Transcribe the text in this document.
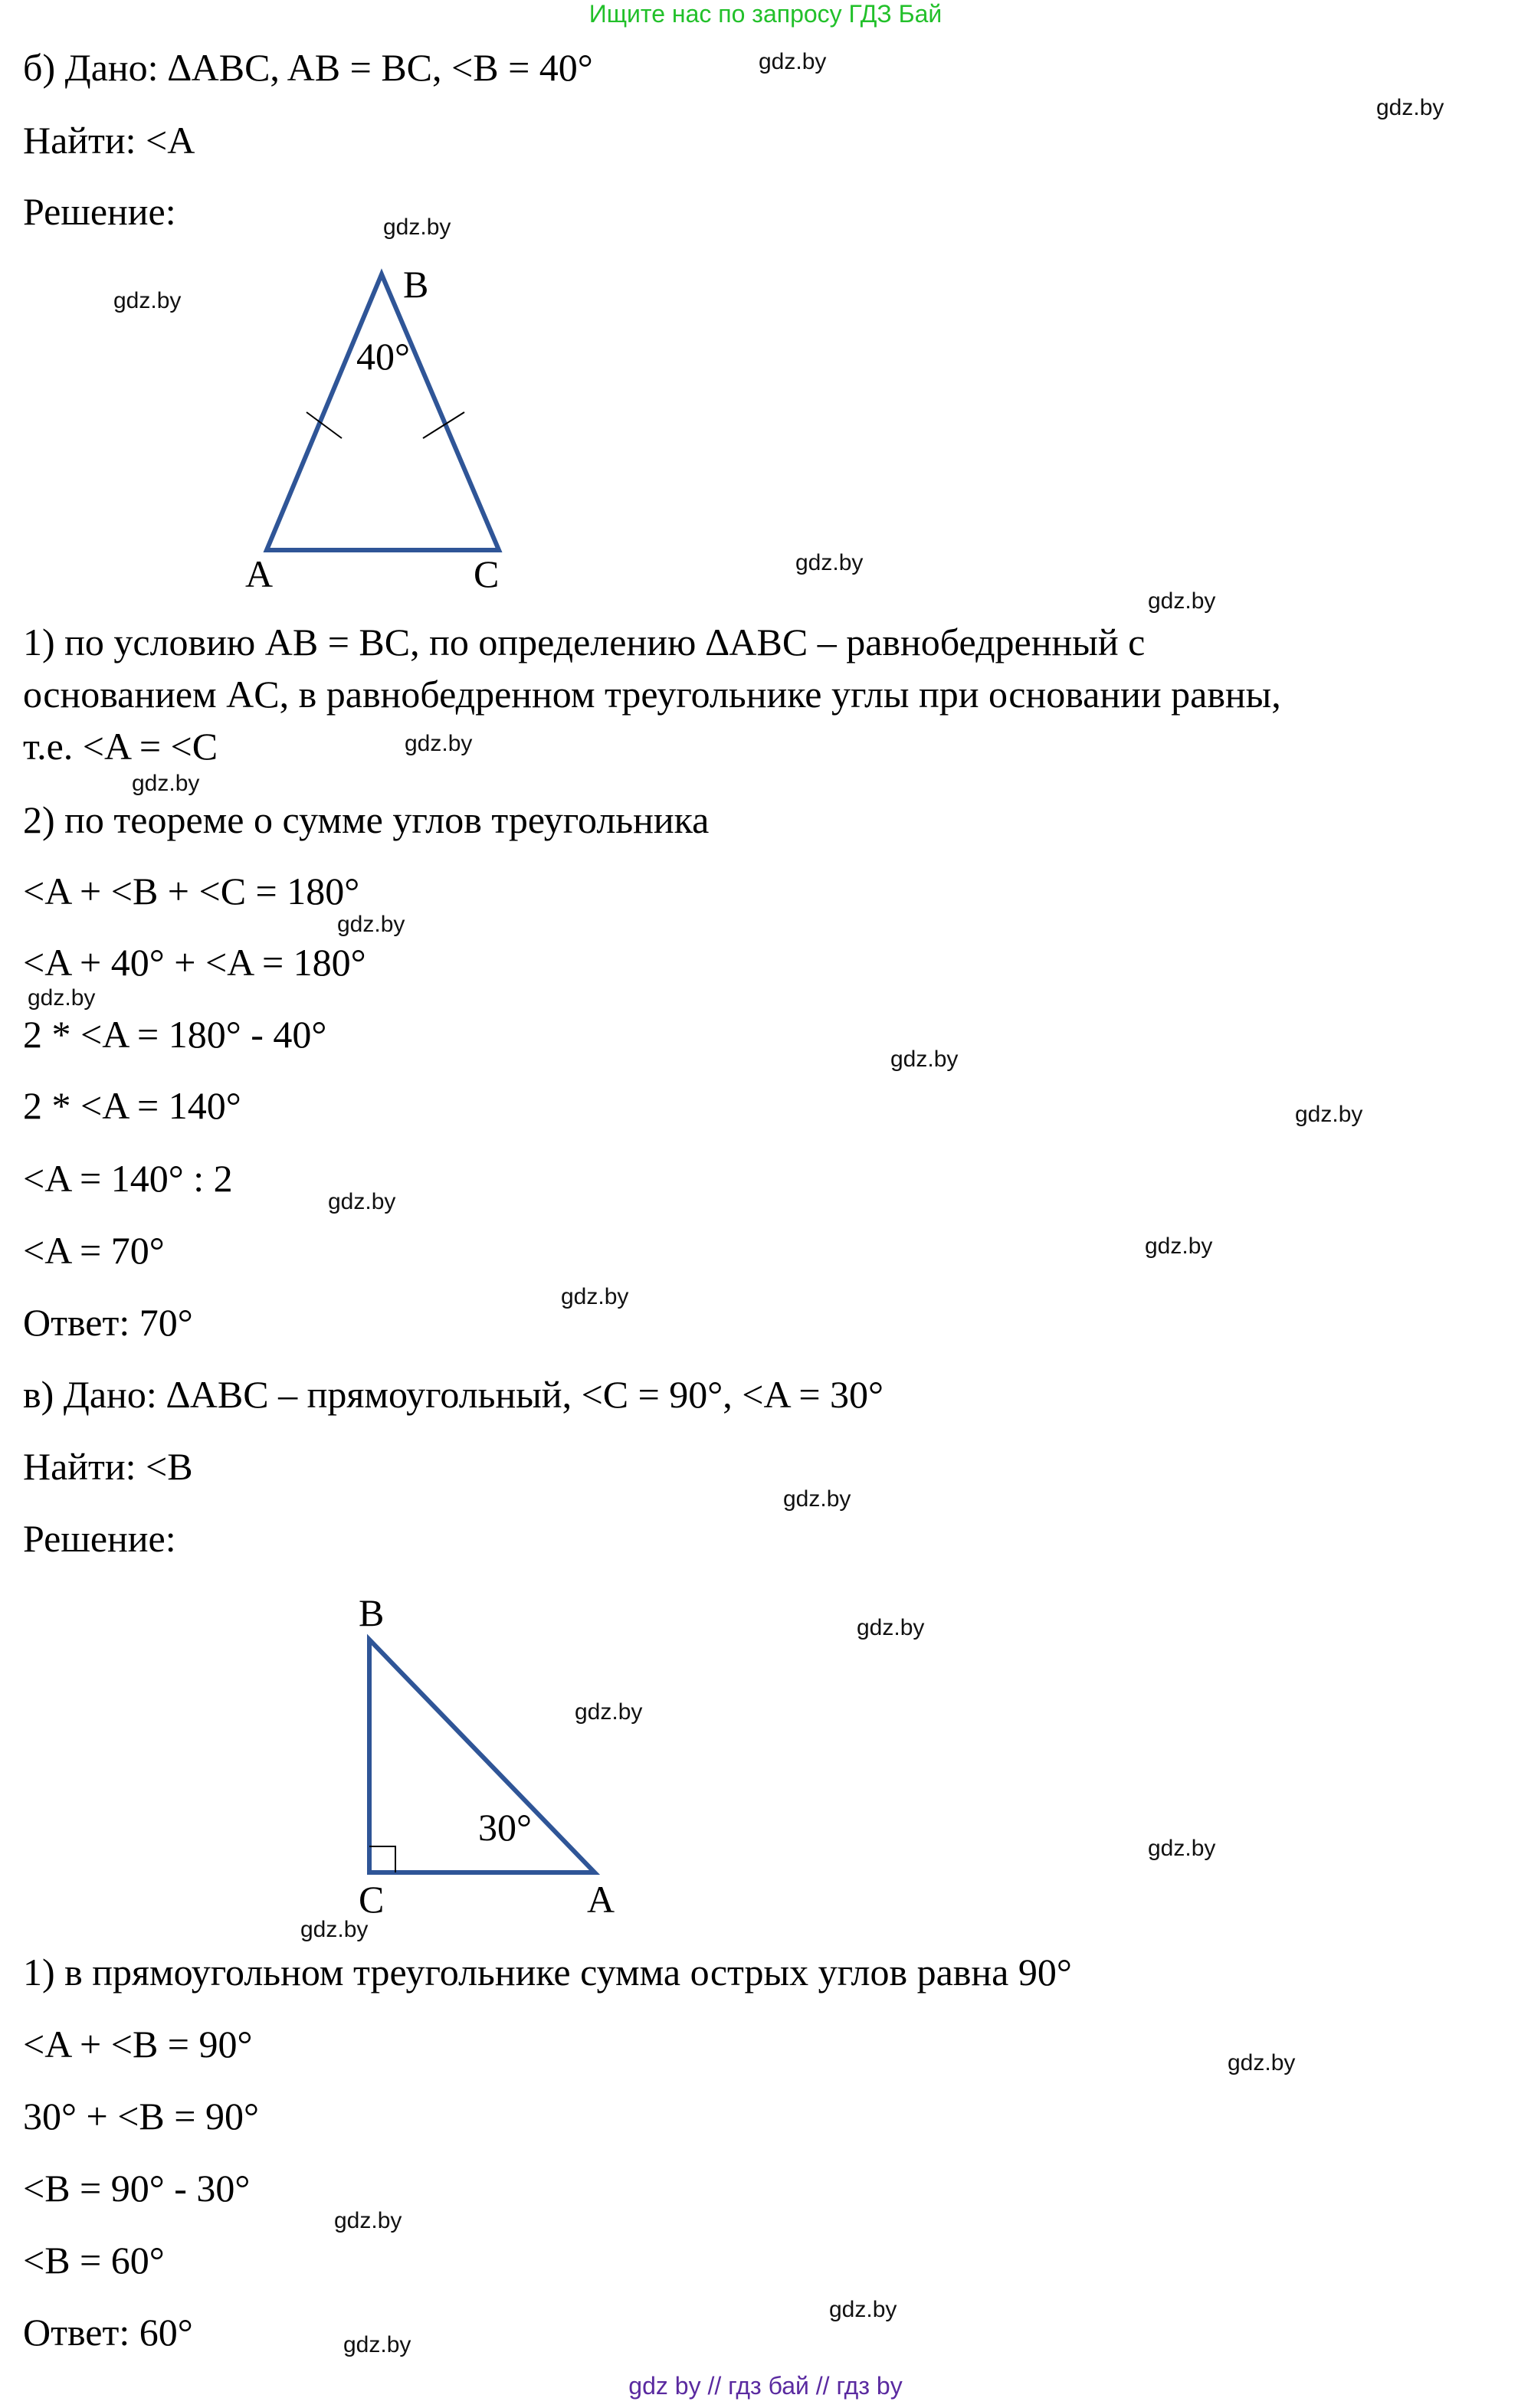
Ищите нас по запросу ГДЗ Бай
б) Дано: ∆ABC, AB = BC, <B = 40°
Найти: <A
Решение:
B
40°
A	C
1) по условию AB = BC, по определению ∆ABC – равнобедренный с
основанием AC, в равнобедренном треугольнике углы при основании равны,
т.е. <A = <C
2) по теореме о сумме углов треугольника
<A + <B + <C = 180°
<A + 40° + <A = 180°
2 * <A = 180° - 40°
2 * <A = 140°
<A = 140° : 2
<A = 70°
Ответ: 70°
в) Дано: ∆ABC – прямоугольный, <C = 90°, <A = 30°
Найти: <B
Решение:
B
30°
C	A
1) в прямоугольном треугольнике сумма острых углов равна 90°
<A + <B = 90°
30° + <B = 90°
<B = 90° - 30°
<B = 60°
Ответ: 60°
gdz.by
gdz.by
gdz.by
gdz.by
gdz.by
gdz.by
gdz.by
gdz.by
gdz.by
gdz.by
gdz.by
gdz.by
gdz.by
gdz.by
gdz.by
gdz.by
gdz.by
gdz.by
gdz.by
gdz.by
gdz.by
gdz.by
gdz.by
gdz.by
gdz by // гдз бай // гдз by
